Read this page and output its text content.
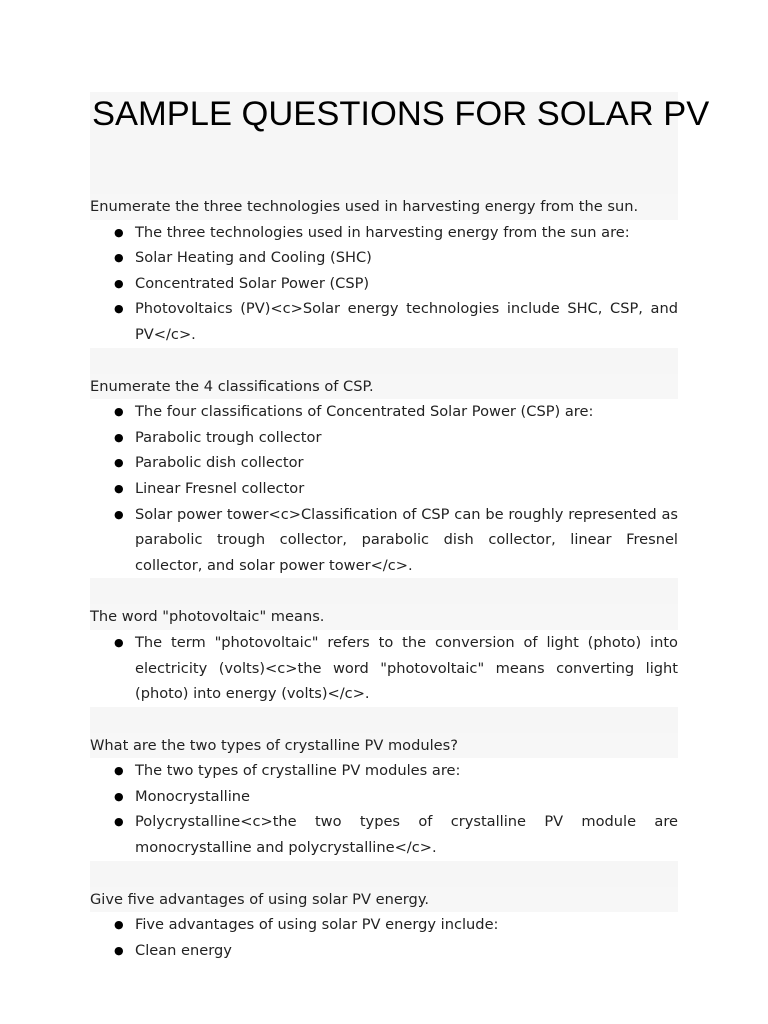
SAMPLE QUESTIONS FOR SOLAR PV
Enumerate the three technologies used in harvesting energy from the sun.
● The three technologies used in harvesting energy from the sun are:
● Solar Heating and Cooling (SHC)
● Concentrated Solar Power (CSP)
● Photovoltaics (PV)<c>Solar energy technologies include SHC, CSP, and PV</c>.
Enumerate the 4 classifications of CSP.
● The four classifications of Concentrated Solar Power (CSP) are:
● Parabolic trough collector
● Parabolic dish collector
● Linear Fresnel collector
● Solar power tower<c>Classification of CSP can be roughly represented as parabolic trough collector, parabolic dish collector, linear Fresnel collector, and solar power tower</c>.
The word "photovoltaic" means.
● The term "photovoltaic" refers to the conversion of light (photo) into electricity (volts)<c>the word "photovoltaic" means converting light (photo) into energy (volts)</c>.
What are the two types of crystalline PV modules?
● The two types of crystalline PV modules are:
● Monocrystalline
● Polycrystalline<c>the two types of crystalline PV module are monocrystalline and polycrystalline</c>.
Give five advantages of using solar PV energy.
● Five advantages of using solar PV energy include:
● Clean energy
